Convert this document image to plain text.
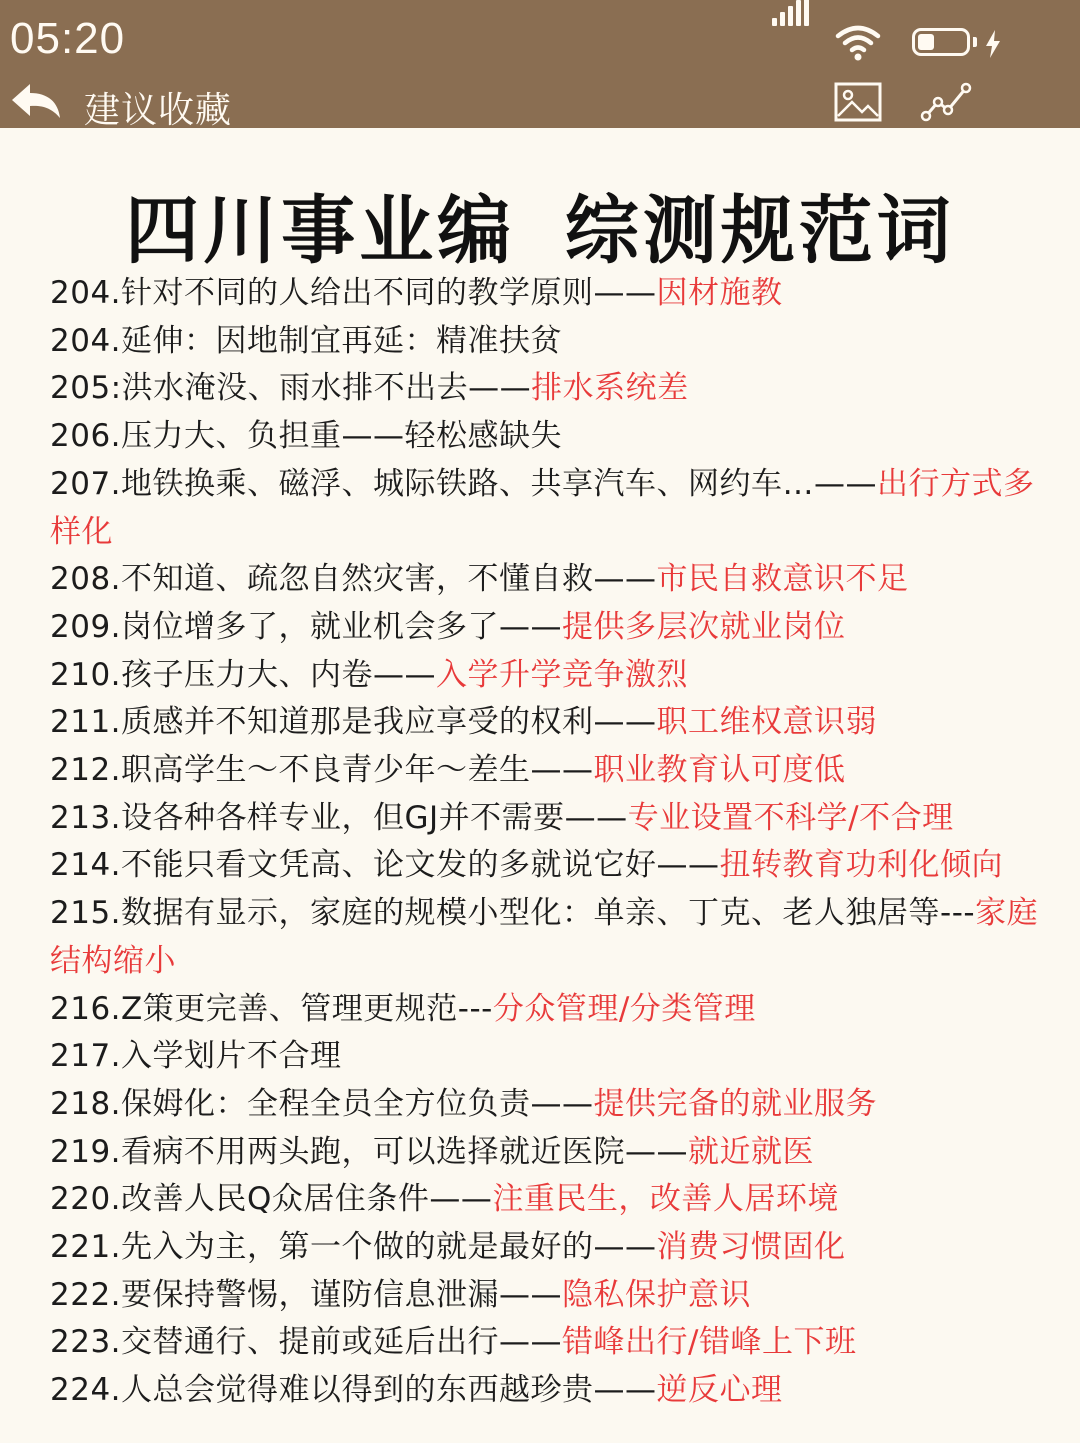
05:20
建议收藏
四川事业编 综测规范词
204.针对不同的人给出不同的教学原则——因材施教
204.延伸：因地制宜再延：精准扶贫
205:洪水淹没、雨水排不出去——排水系统差
206.压力大、负担重——轻松感缺失
207.地铁换乘、磁浮、城际铁路、共享汽车、网约车…——出行方式多样化
208.不知道、疏忽自然灾害，不懂自救——市民自救意识不足
209.岗位增多了，就业机会多了——提供多层次就业岗位
210.孩子压力大、内卷——入学升学竞争激烈
211.质感并不知道那是我应享受的权利——职工维权意识弱
212.职高学生～不良青少年～差生——职业教育认可度低
213.设各种各样专业，但GJ并不需要——专业设置不科学/不合理
214.不能只看文凭高、论文发的多就说它好——扭转教育功利化倾向
215.数据有显示，家庭的规模小型化：单亲、丁克、老人独居等---家庭结构缩小
216.Z策更完善、管理更规范---分众管理/分类管理
217.入学划片不合理
218.保姆化：全程全员全方位负责——提供完备的就业服务
219.看病不用两头跑，可以选择就近医院——就近就医
220.改善人民Q众居住条件——注重民生，改善人居环境
221.先入为主，第一个做的就是最好的——消费习惯固化
222.要保持警惕，谨防信息泄漏——隐私保护意识
223.交替通行、提前或延后出行——错峰出行/错峰上下班
224.人总会觉得难以得到的东西越珍贵——逆反心理
